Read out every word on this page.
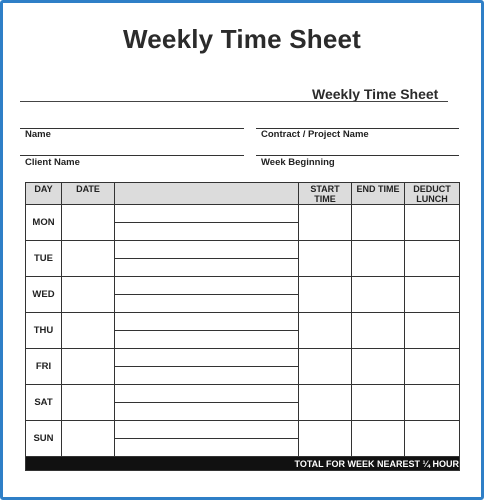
Weekly Time Sheet
Weekly Time Sheet
Name	Contract / Project Name
Client Name	Week Beginning
DAY	DATE		START TIME	END TIME	DEDUCT LUNCH
MON					

TUE					

WED					

THU					

FRI					

SAT					

SUN					

TOTAL FOR WEEK NEAREST ¼ HOUR					
